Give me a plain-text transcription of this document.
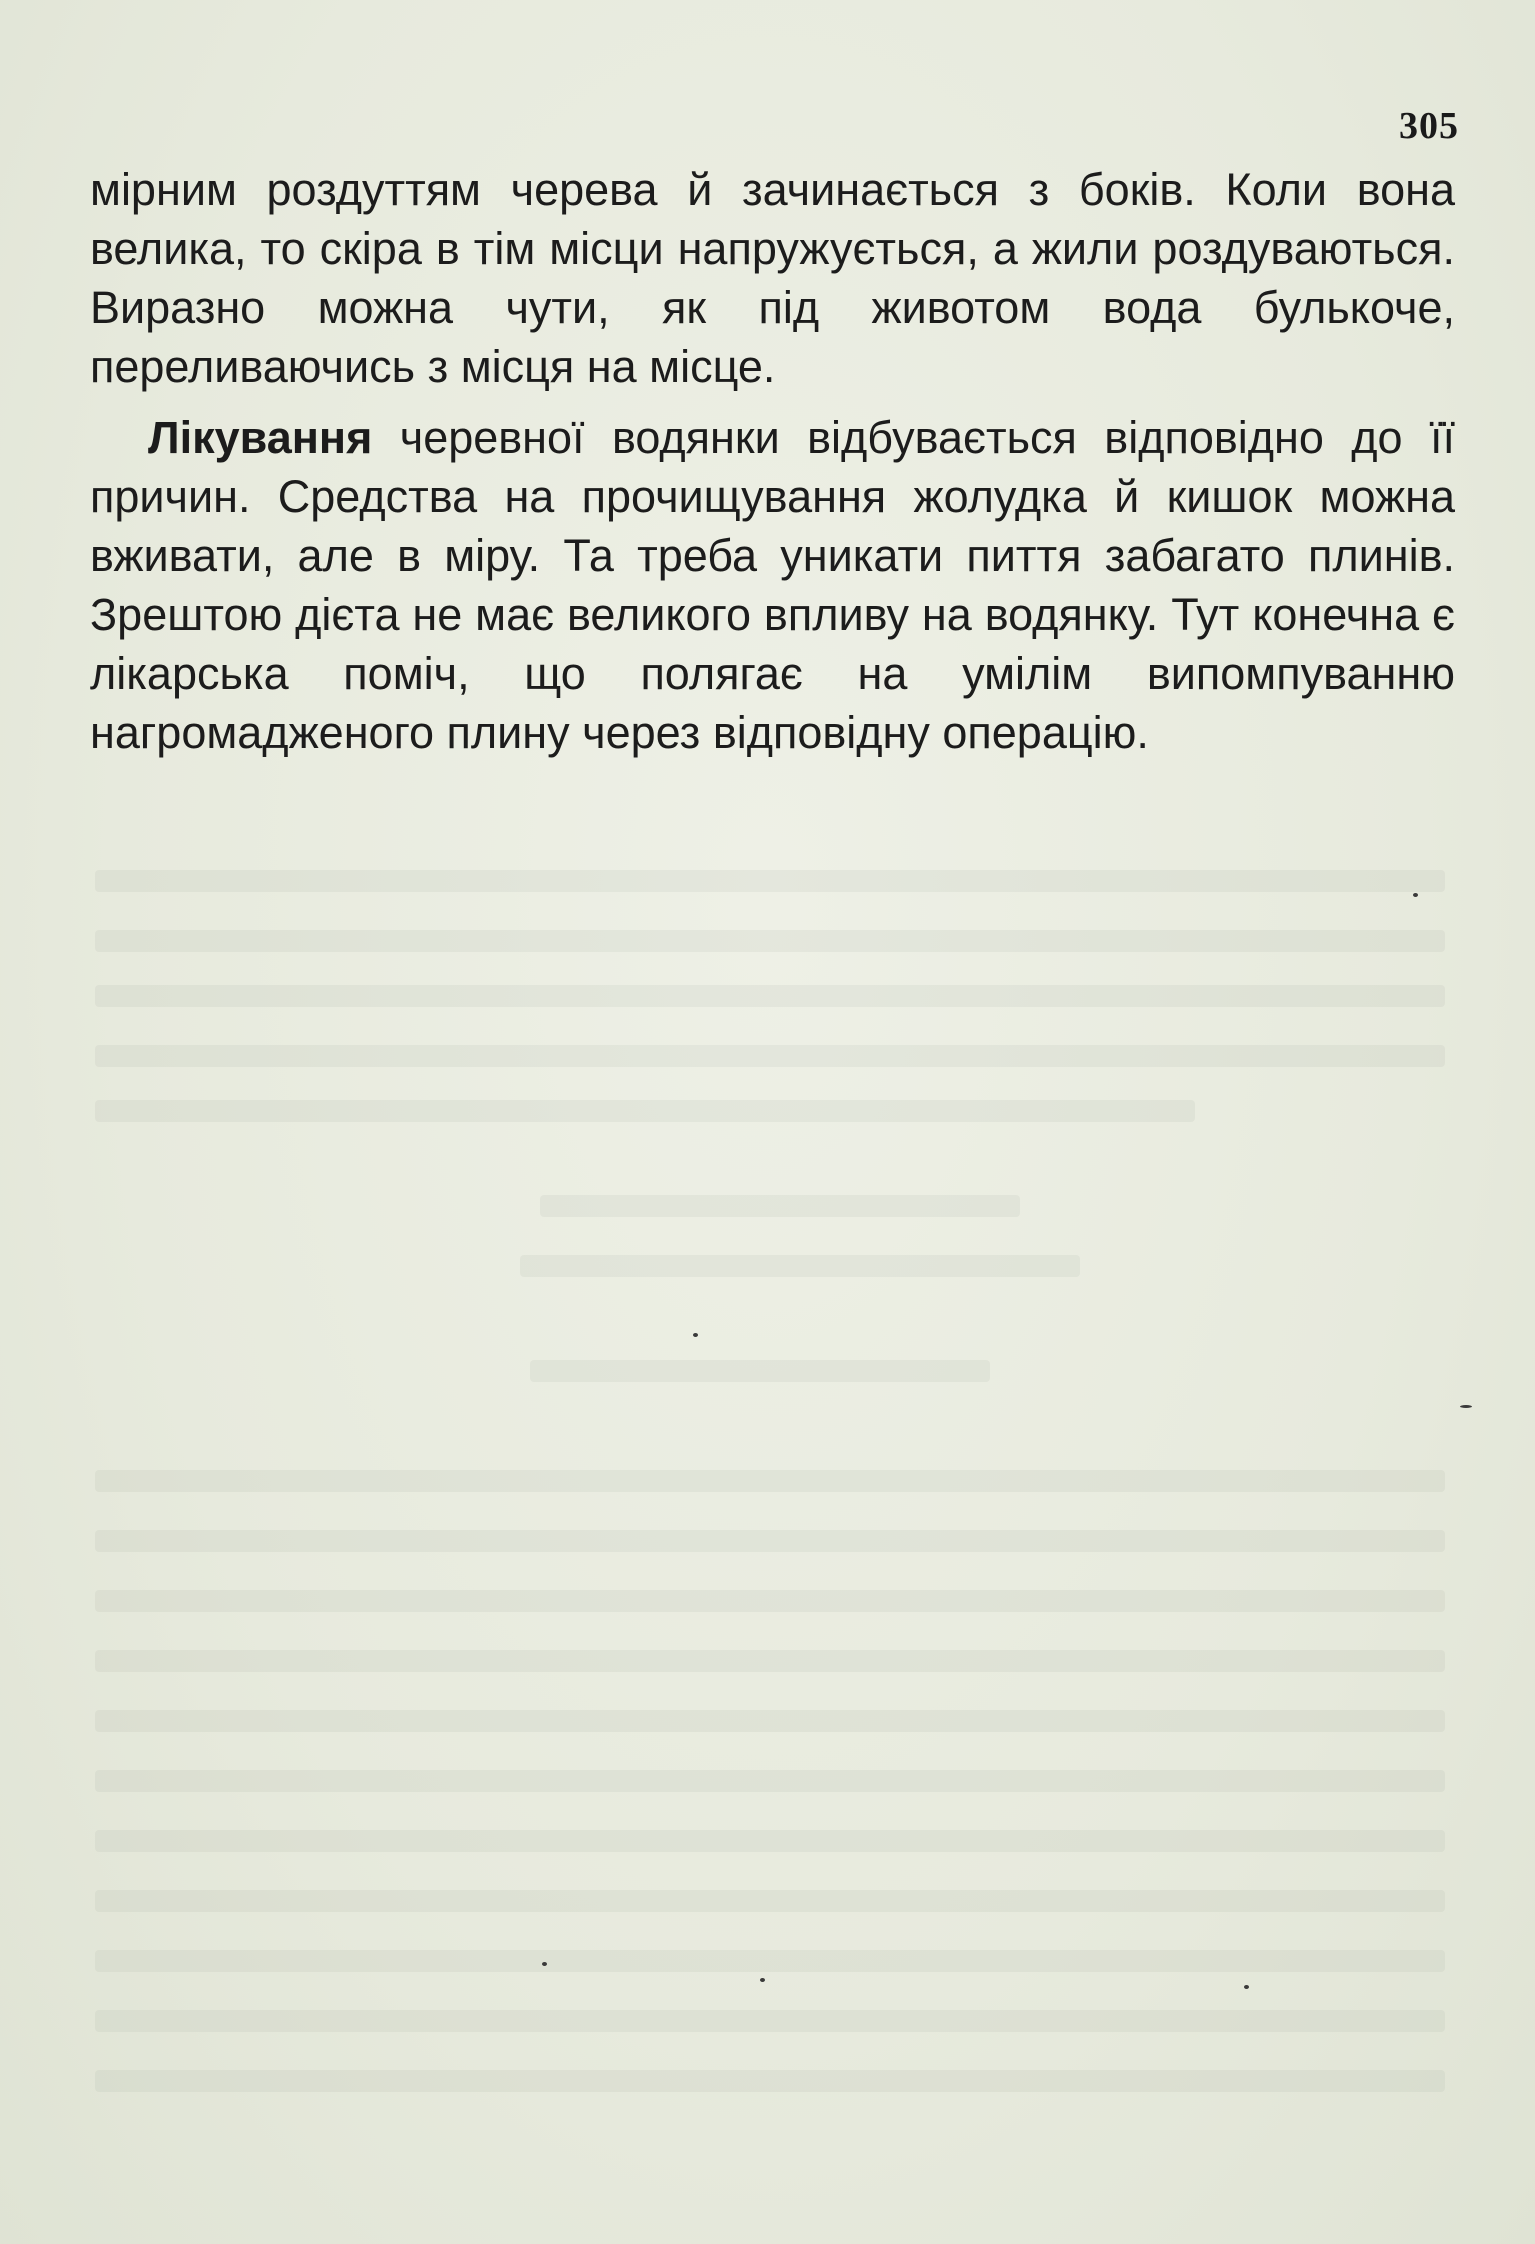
305

мірним роздуттям черева й зачинається з боків. Коли вона велика, то скіра в тім місци напружується, а жили роздуваються. Виразно можна чути, як під животом вода булькоче, переливаючись з місця на місце.

Лікування черевної водянки відбувається відповідно до її причин. Средства на прочищування жолудка й кишок можна вживати, але в міру. Та треба уникати пиття забагато плинів. Зрештою дієта не має великого впливу на водянку. Тут конечна є лікарська поміч, що полягає на умілім випомпуванню нагромадженого плину через відповідну операцію.
